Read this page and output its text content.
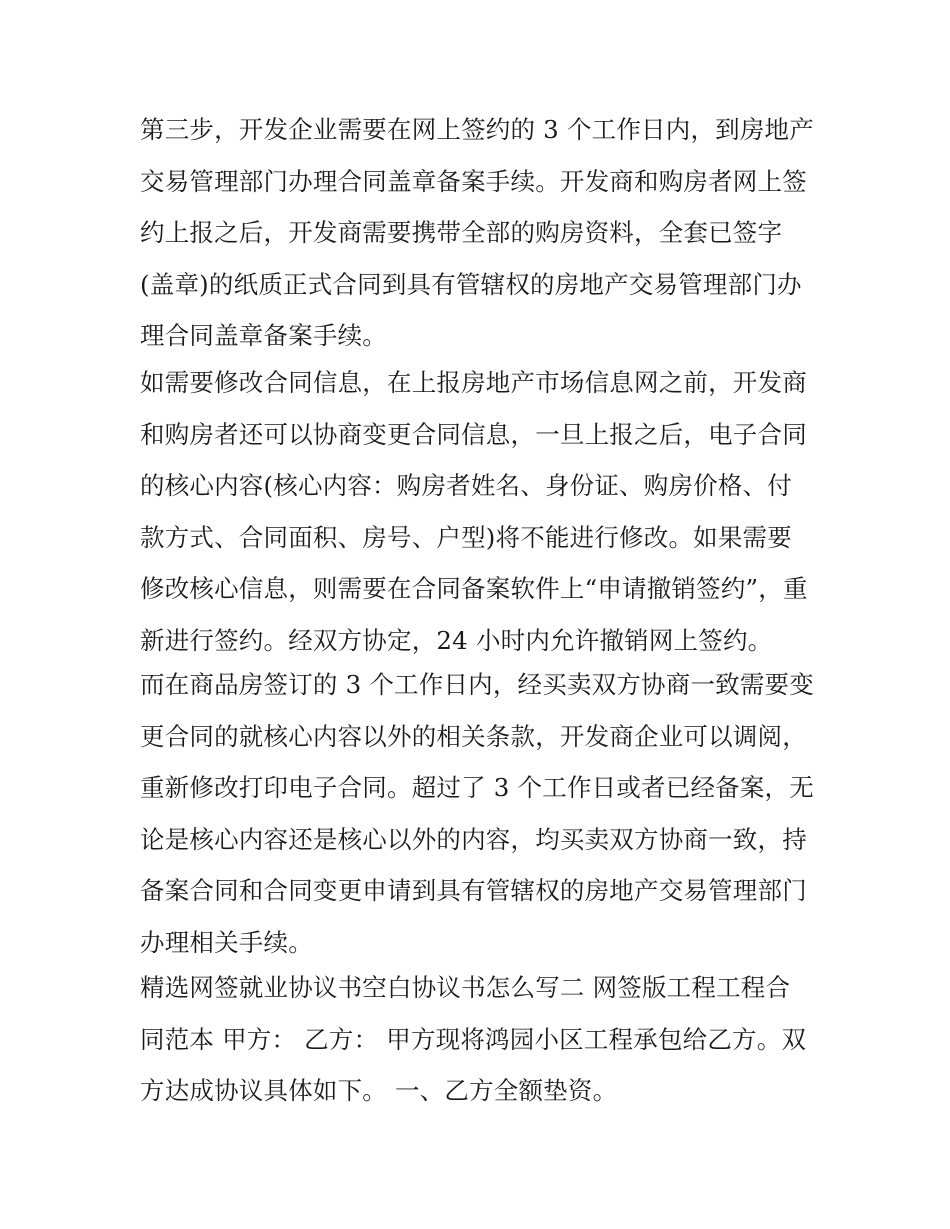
第三步，开发企业需要在网上签约的 3 个工作日内，到房地产
交易管理部门办理合同盖章备案手续。开发商和购房者网上签
约上报之后，开发商需要携带全部的购房资料，全套已签字
(盖章)的纸质正式合同到具有管辖权的房地产交易管理部门办
理合同盖章备案手续。
如需要修改合同信息，在上报房地产市场信息网之前，开发商
和购房者还可以协商变更合同信息，一旦上报之后，电子合同
的核心内容(核心内容：购房者姓名、身份证、购房价格、付
款方式、合同面积、房号、户型)将不能进行修改。如果需要
修改核心信息，则需要在合同备案软件上“申请撤销签约”，重
新进行签约。经双方协定，24 小时内允许撤销网上签约。
而在商品房签订的 3 个工作日内，经买卖双方协商一致需要变
更合同的就核心内容以外的相关条款，开发商企业可以调阅，
重新修改打印电子合同。超过了 3 个工作日或者已经备案，无
论是核心内容还是核心以外的内容，均买卖双方协商一致，持
备案合同和合同变更申请到具有管辖权的房地产交易管理部门
办理相关手续。
精选网签就业协议书空白协议书怎么写二 网签版工程工程合
同范本 甲方： 乙方： 甲方现将鸿园小区工程承包给乙方。双
方达成协议具体如下。 一、乙方全额垫资。
